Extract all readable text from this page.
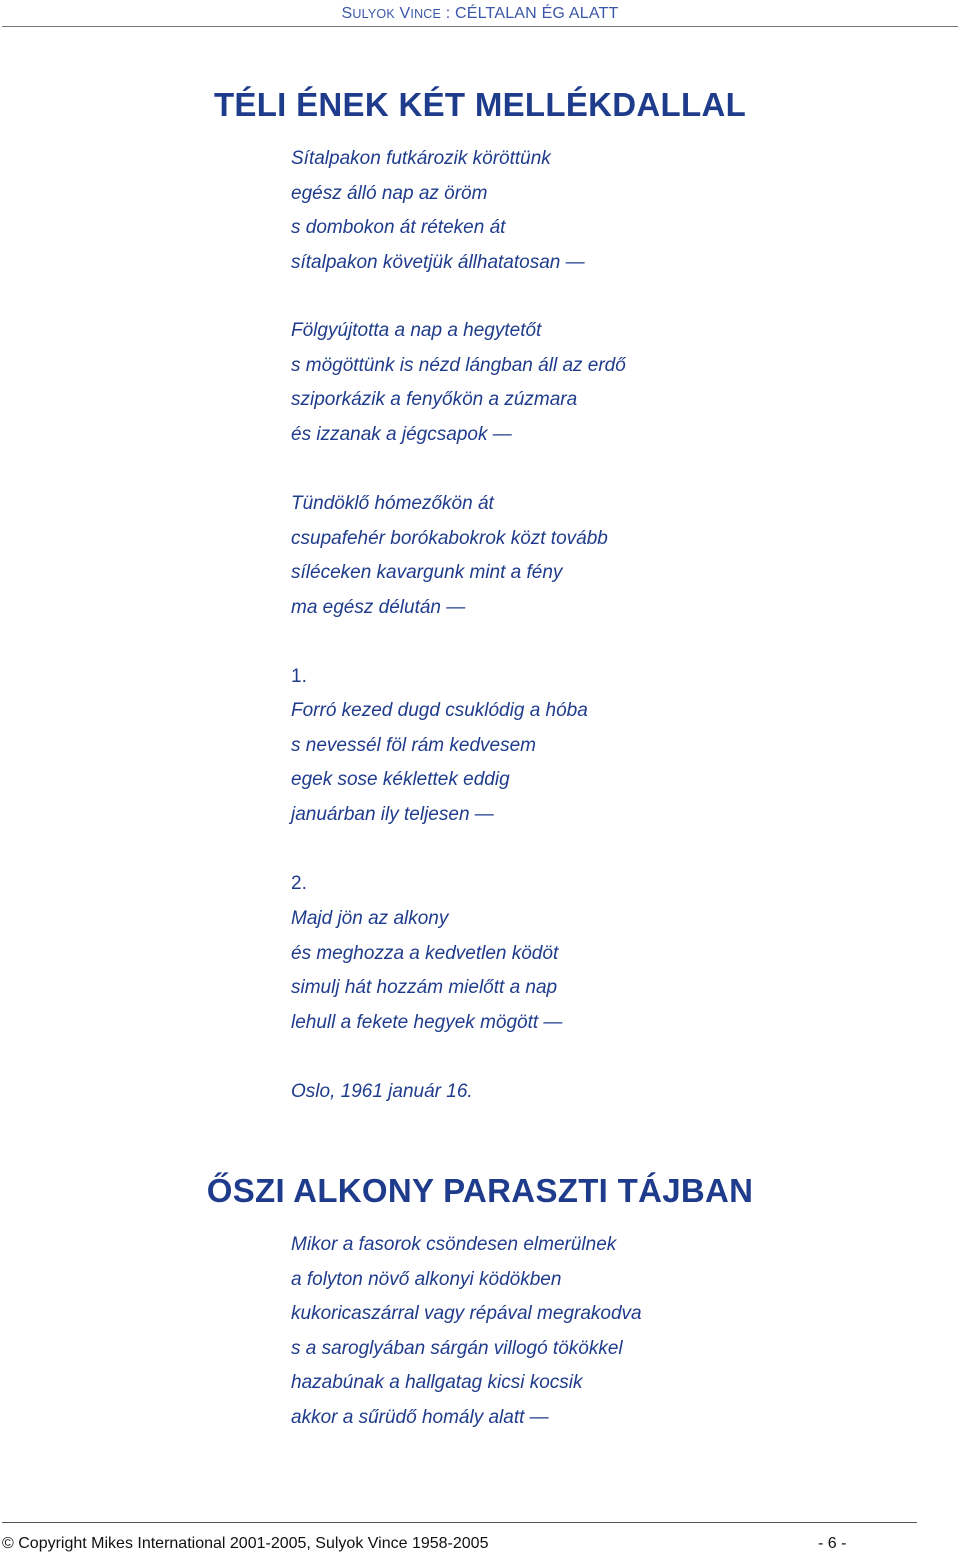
SULYOK VINCE : CÉLTALAN ÉG ALATT
TÉLI ÉNEK KÉT MELLÉKDALLAL
Sítalpakon futkározik köröttünk
egész álló nap az öröm
s dombokon át réteken át
sítalpakon követjük állhatatosan —
Fölgyújtotta a nap a hegytetőt
s mögöttünk is nézd lángban áll az erdő
sziporkázik a fenyőkön a zúzmara
és izzanak a jégcsapok —
Tündöklő hómezőkön át
csupafehér borókabokrok közt tovább
síléceken kavargunk mint a fény
ma egész délután —
1.
Forró kezed dugd csuklódig a hóba
s nevessél föl rám kedvesem
egek sose kéklettek eddig
januárban ily teljesen —
2.
Majd jön az alkony
és meghozza a kedvetlen ködöt
simulj hát hozzám mielőtt a nap
lehull a fekete hegyek mögött —
Oslo, 1961 január 16.
ŐSZI ALKONY PARASZTI TÁJBAN
Mikor a fasorok csöndesen elmerülnek
a folyton növő alkonyi ködökben
kukoricaszárral vagy répával megrakodva
s a saroglyában sárgán villogó tökökkel
hazabúnak a hallgatag kicsi kocsik
akkor a sűrüdő homály alatt —
© Copyright Mikes International 2001-2005, Sulyok Vince 1958-2005	- 6 -
